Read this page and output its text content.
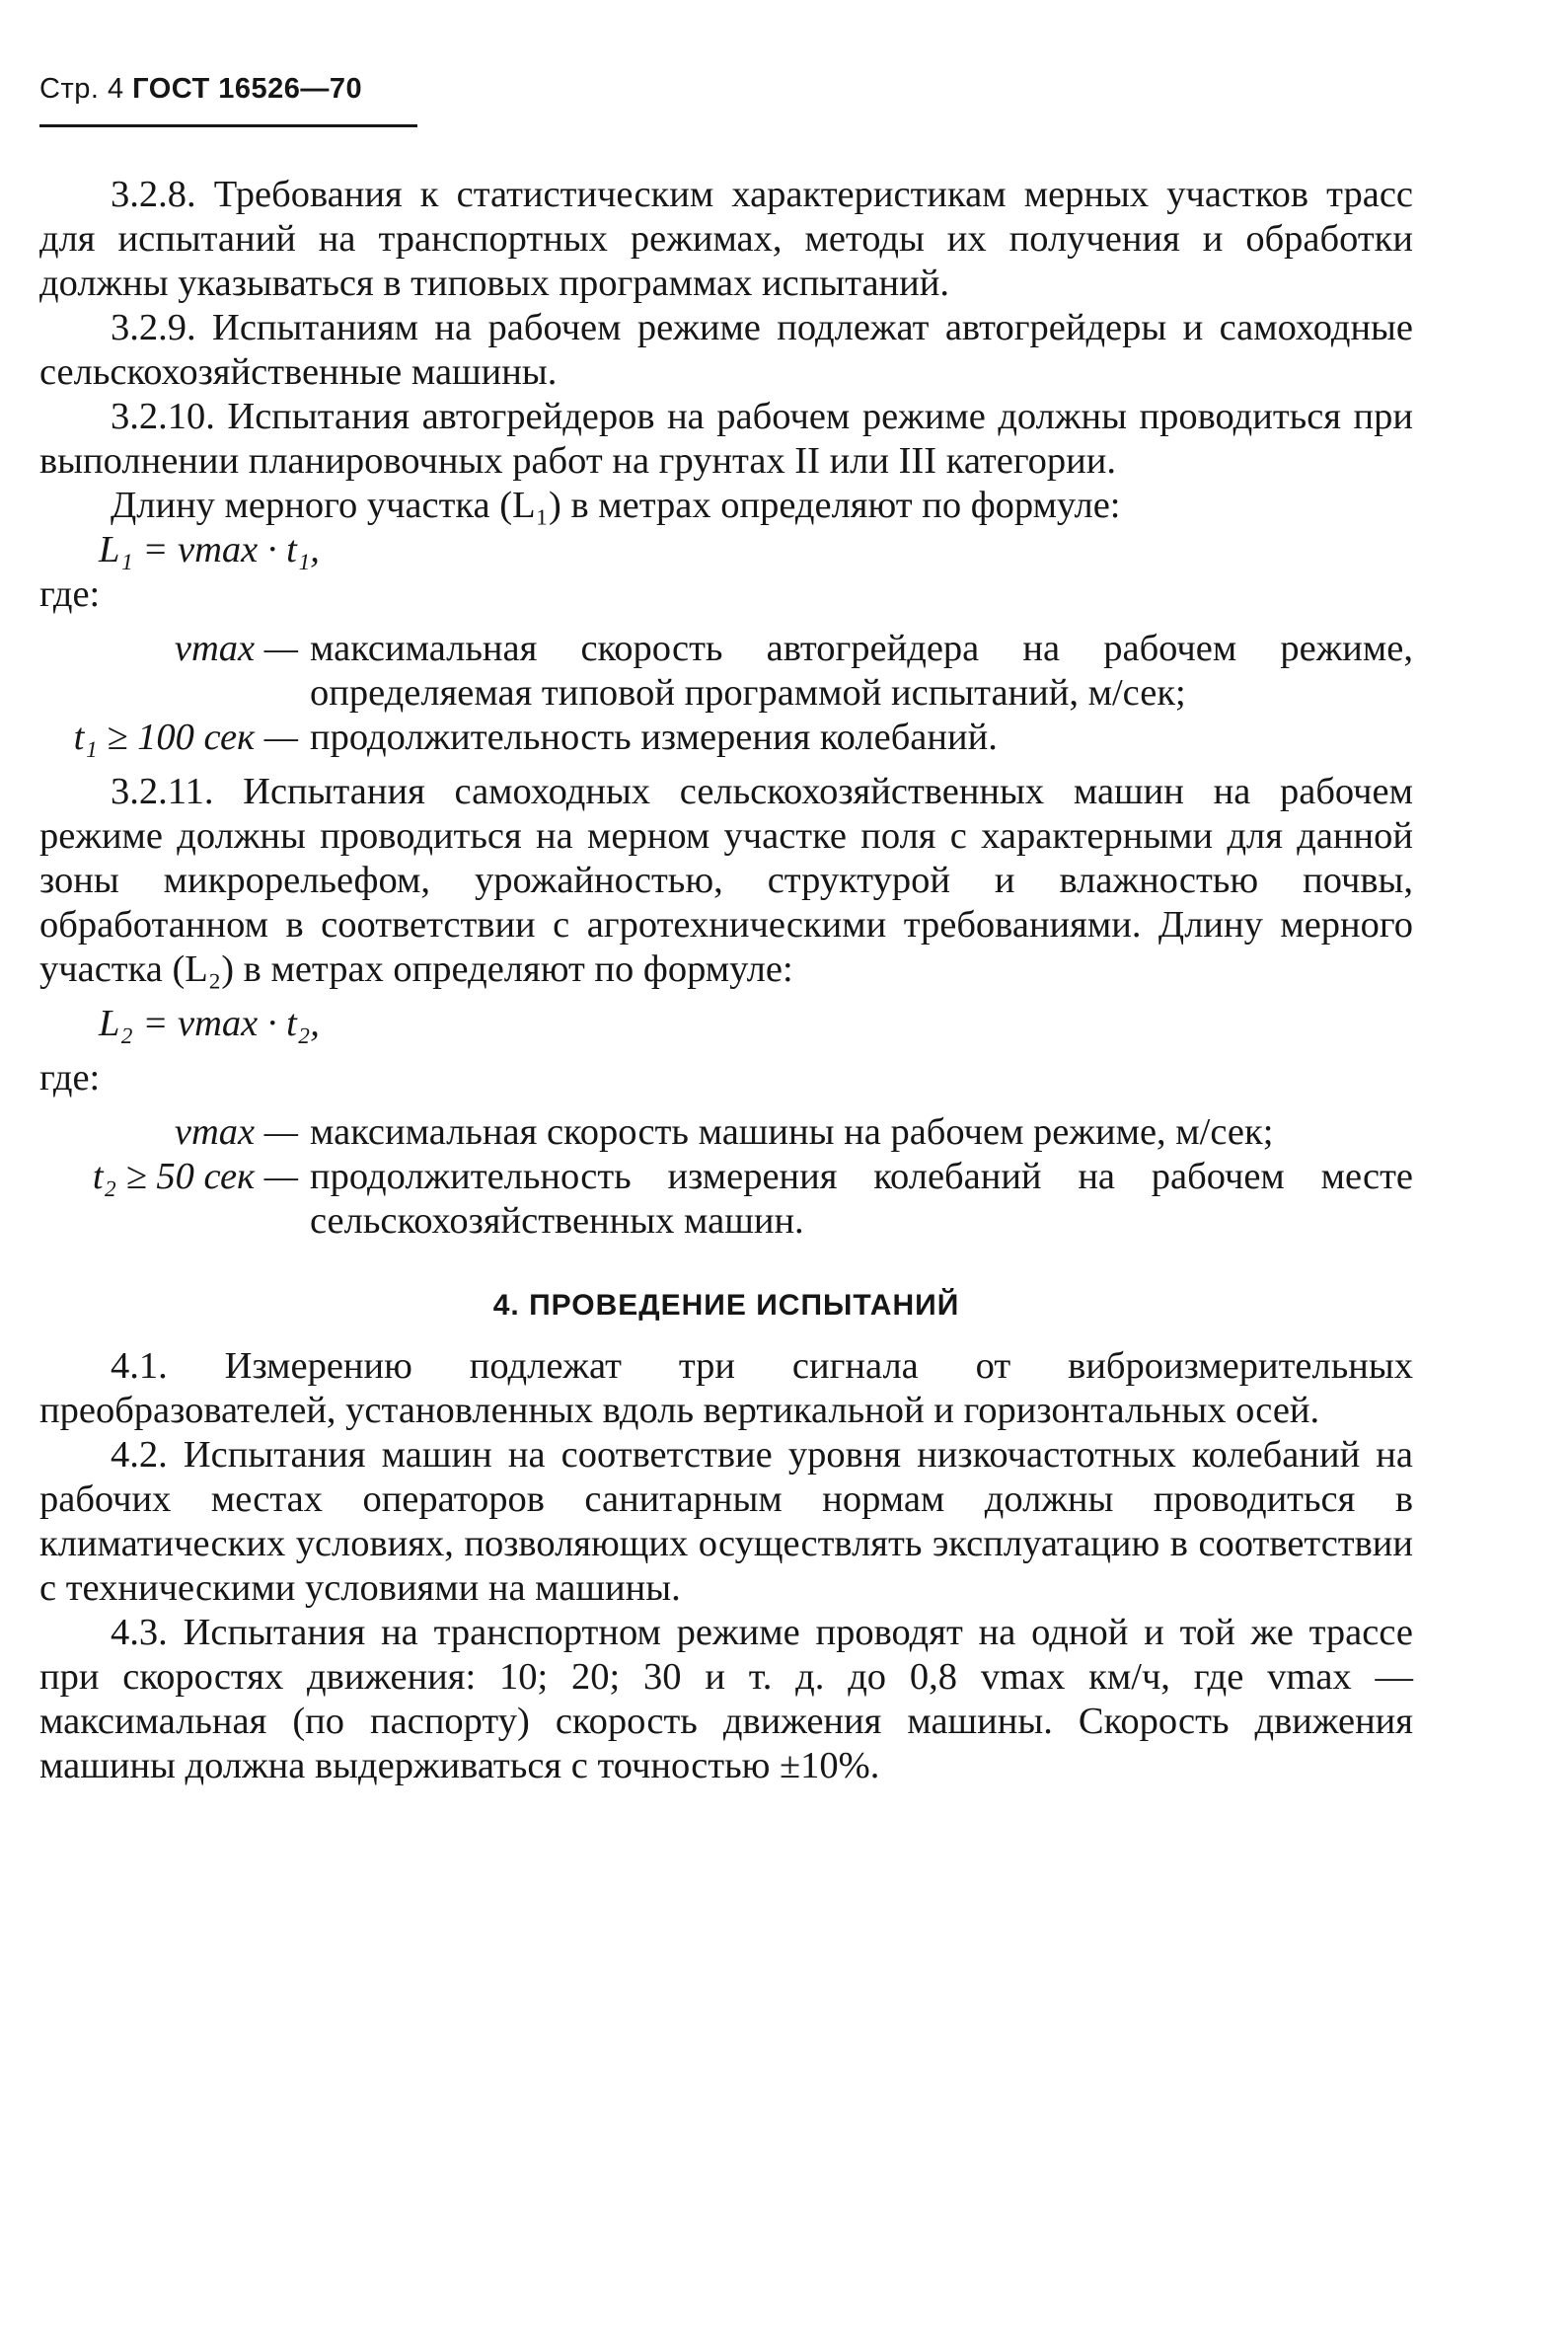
Стр. 4 ГОСТ 16526—70

3.2.8. Требования к статистическим характеристикам мерных участков трасс для испытаний на транспортных режимах, методы их получения и обработки должны указываться в типовых программах испытаний.

3.2.9. Испытаниям на рабочем режиме подлежат автогрейдеры и самоходные сельскохозяйственные машины.

3.2.10. Испытания автогрейдеров на рабочем режиме должны проводиться при выполнении планировочных работ на грунтах II или III категории.

Длину мерного участка (L₁) в метрах определяют по формуле:

L₁ = vmax · t₁,

где:

vmax — максимальная скорость автогрейдера на рабочем режиме, определяемая типовой программой испытаний, м/сек;
t₁ ≥ 100 сек — продолжительность измерения колебаний.

3.2.11. Испытания самоходных сельскохозяйственных машин на рабочем режиме должны проводиться на мерном участке поля с характерными для данной зоны микрорельефом, урожайностью, структурой и влажностью почвы, обработанном в соответствии с агротехническими требованиями. Длину мерного участка (L₂) в метрах определяют по формуле:

L₂ = vmax · t₂,

где:

vmax — максимальная скорость машины на рабочем режиме, м/сек;
t₂ ≥ 50 сек — продолжительность измерения колебаний на рабочем месте сельскохозяйственных машин.
4. ПРОВЕДЕНИЕ ИСПЫТАНИЙ

4.1. Измерению подлежат три сигнала от виброизмерительных преобразователей, установленных вдоль вертикальной и горизонтальных осей.

4.2. Испытания машин на соответствие уровня низкочастотных колебаний на рабочих местах операторов санитарным нормам должны проводиться в климатических условиях, позволяющих осуществлять эксплуатацию в соответствии с техническими условиями на машины.

4.3. Испытания на транспортном режиме проводят на одной и той же трассе при скоростях движения: 10; 20; 30 и т. д. до 0,8 vmax км/ч, где vmax — максимальная (по паспорту) скорость движения машины. Скорость движения машины должна выдерживаться с точностью ±10%.
